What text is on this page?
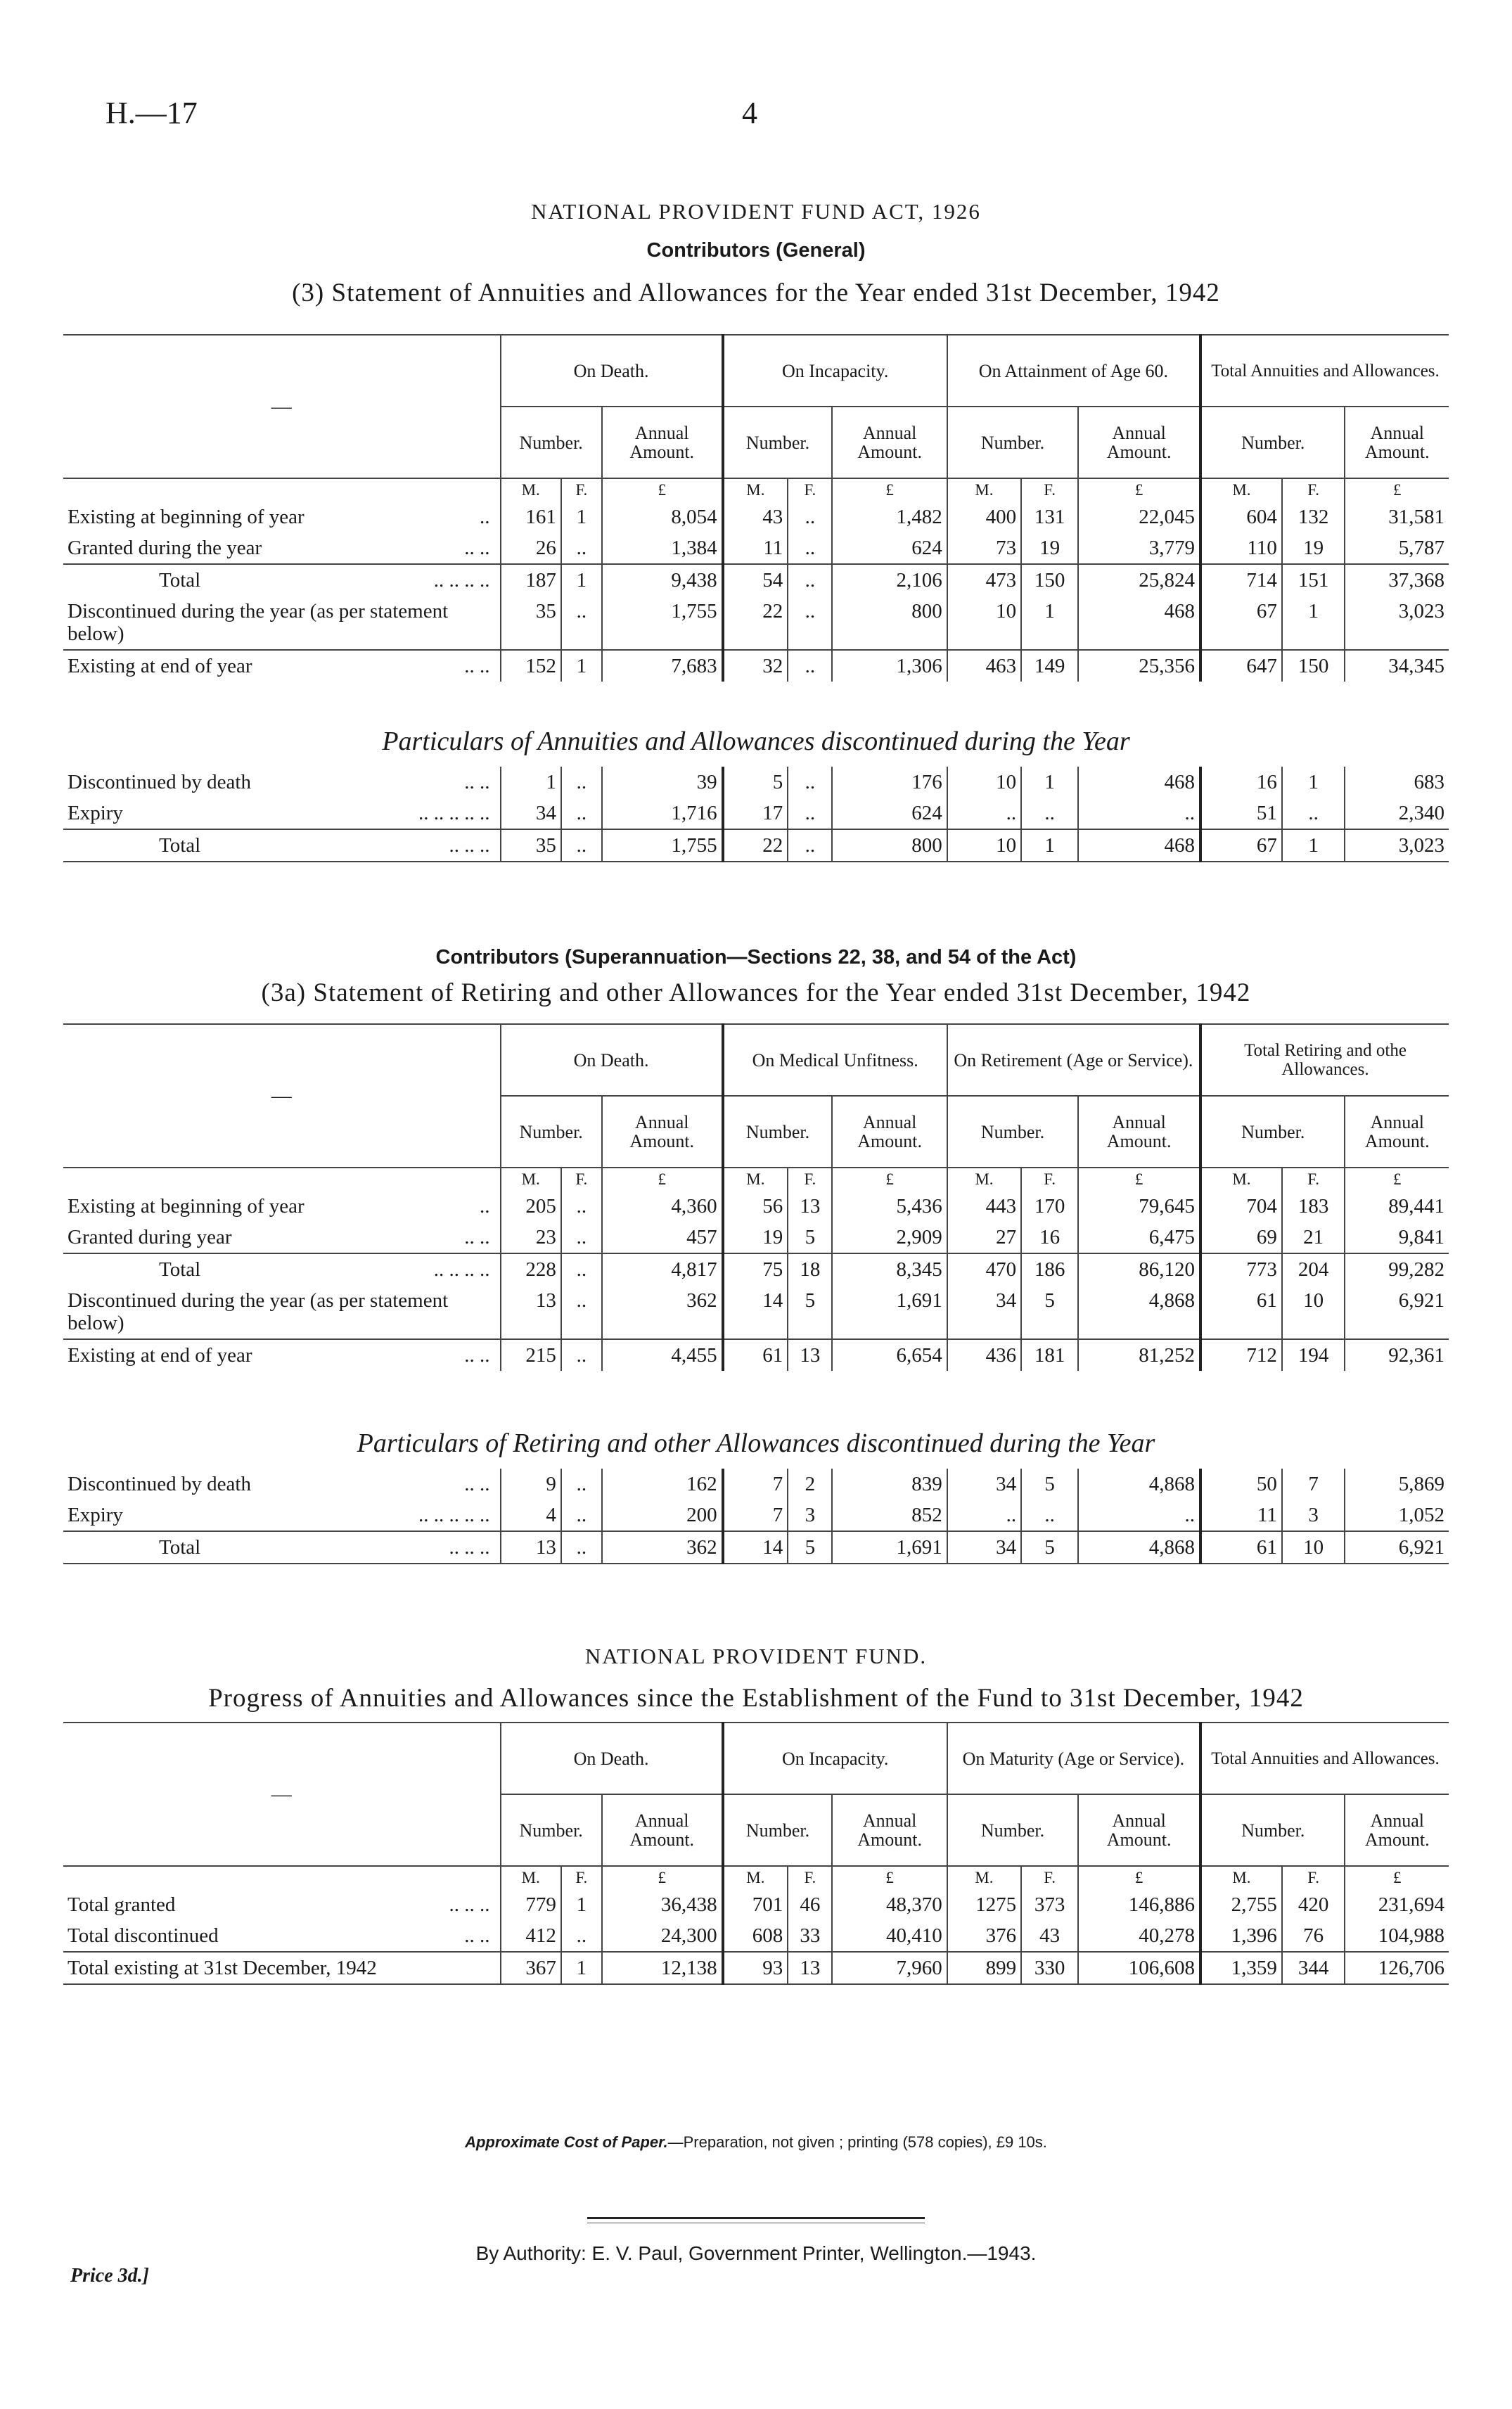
H.—17	4
NATIONAL PROVIDENT FUND ACT, 1926
Contributors (General)
(3) Statement of Annuities and Allowances for the Year ended 31st December, 1942
—	On Death.			On Incapacity.			On Attainment of Age 60.			Total Annuities and Allowances.		
	Number.		Annual Amount.	Number.		Annual Amount.	Number.		Annual Amount.	Number.		Annual Amount.
	M.	F.	£	M.	F.	£	M.	F.	£	M.	F.	£
Existing at beginning of year ..	161	1	8,054	43	..	1,482	400	131	22,045	604	132	31,581
Granted during the year .. ..	26	..	1,384	11	..	624	73	19	3,779	110	19	5,787
Total .. .. .. ..	187	1	9,438	54	..	2,106	473	150	25,824	714	151	37,368
Discontinued during the year (as per statement below)	35	..	1,755	22	..	800	10	1	468	67	1	3,023
Existing at end of year .. ..	152	1	7,683	32	..	1,306	463	149	25,356	647	150	34,345
Particulars of Annuities and Allowances discontinued during the Year
Discontinued by death .. ..	1	..	39	5	..	176	10	1	468	16	1	683
Expiry .. .. .. .. ..	34	..	1,716	17	..	624	..	..	..	51	..	2,340
Total .. .. ..	35	..	1,755	22	..	800	10	1	468	67	1	3,023
Contributors (Superannuation—Sections 22, 38, and 54 of the Act)
(3a) Statement of Retiring and other Allowances for the Year ended 31st December, 1942
—	On Death.			On Medical Unfitness.			On Retirement (Age or Service).			Total Retiring and othe Allowances.		
	Number.		Annual Amount.	Number.		Annual Amount.	Number.		Annual Amount.	Number.		Annual Amount.
	M.	F.	£	M.	F.	£	M.	F.	£	M.	F.	£
Existing at beginning of year ..	205	..	4,360	56	13	5,436	443	170	79,645	704	183	89,441
Granted during year .. ..	23	..	457	19	5	2,909	27	16	6,475	69	21	9,841
Total .. .. .. ..	228	..	4,817	75	18	8,345	470	186	86,120	773	204	99,282
Discontinued during the year (as per statement below)	13	..	362	14	5	1,691	34	5	4,868	61	10	6,921
Existing at end of year .. ..	215	..	4,455	61	13	6,654	436	181	81,252	712	194	92,361
Particulars of Retiring and other Allowances discontinued during the Year
Discontinued by death .. ..	9	..	162	7	2	839	34	5	4,868	50	7	5,869
Expiry .. .. .. .. ..	4	..	200	7	3	852	..	..	..	11	3	1,052
Total .. .. ..	13	..	362	14	5	1,691	34	5	4,868	61	10	6,921
NATIONAL PROVIDENT FUND.
Progress of Annuities and Allowances since the Establishment of the Fund to 31st December, 1942
—	On Death.			On Incapacity.			On Maturity (Age or Service).			Total Annuities and Allowances.		
	Number.		Annual Amount.	Number.		Annual Amount.	Number.		Annual Amount.	Number.		Annual Amount.
	M.	F.	£	M.	F.	£	M.	F.	£	M.	F.	£
Total granted .. .. ..	779	1	36,438	701	46	48,370	1275	373	146,886	2,755	420	231,694
Total discontinued .. ..	412	..	24,300	608	33	40,410	376	43	40,278	1,396	76	104,988
Total existing at 31st December, 1942	367	1	12,138	93	13	7,960	899	330	106,608	1,359	344	126,706
Approximate Cost of Paper.—Preparation, not given ; printing (578 copies), £9 10s.
By Authority: E. V. Paul, Government Printer, Wellington.—1943.
Price 3d.]
